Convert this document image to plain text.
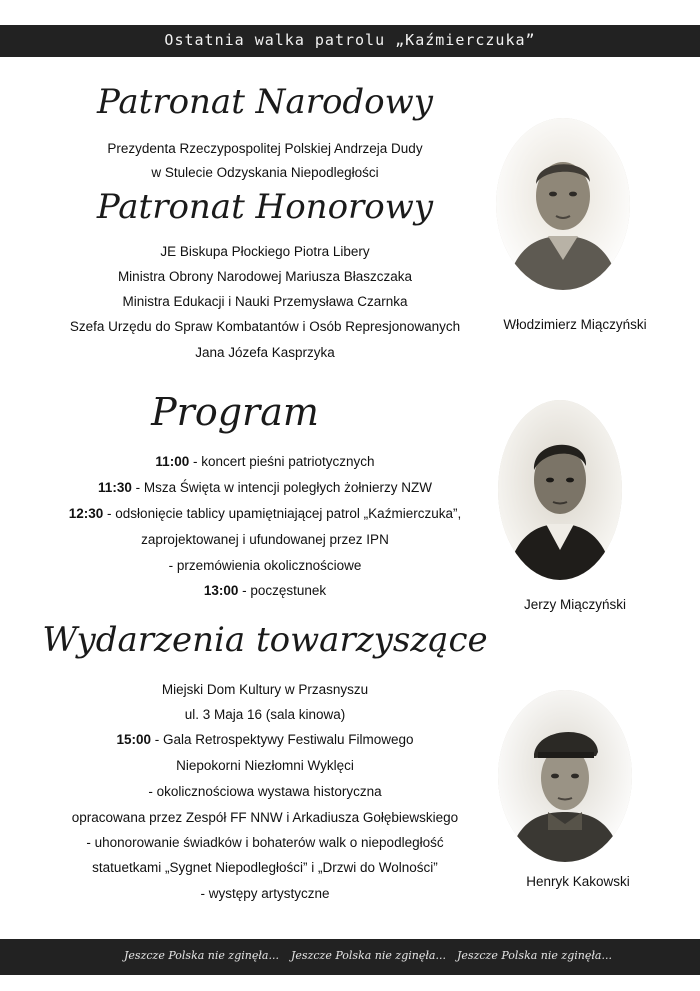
Ostatnia walka patrolu „Kaźmierczuka”
Patronat Narodowy
Prezydenta Rzeczypospolitej Polskiej Andrzeja Dudy
w Stulecie Odzyskania Niepodległości
Patronat Honorowy
JE Biskupa Płockiego Piotra Libery
Ministra Obrony Narodowej Mariusza Błaszczaka
Ministra Edukacji i Nauki Przemysława Czarnka
Szefa Urzędu do Spraw Kombatantów i Osób Represjonowanych
Jana Józefa Kasprzyka
Program
11:00 - koncert pieśni patriotycznych
11:30 - Msza Święta w intencji poległych żołnierzy NZW
12:30 - odsłonięcie tablicy upamiętniającej patrol „Kaźmierczuka”,
zaprojektowanej i ufundowanej przez IPN
- przemówienia okolicznościowe
13:00 - poczęstunek
Wydarzenia towarzyszące
Miejski Dom Kultury w Przasnyszu
ul. 3 Maja 16 (sala kinowa)
15:00 - Gala Retrospektywy Festiwalu Filmowego
Niepokorni Niezłomni Wyklęci
- okolicznościowa wystawa historyczna
opracowana przez Zespół FF NNW i Arkadiusza Gołębiewskiego
- uhonorowanie świadków i bohaterów walk o niepodległość
statuetkami „Sygnet Niepodległości” i „Drzwi do Wolności”
- występy artystyczne
Włodzimierz Miączyński
Jerzy Miączyński
Henryk Kakowski
Jeszcze Polska nie zginęła... Jeszcze Polska nie zginęła... Jeszcze Polska nie zginęła...
